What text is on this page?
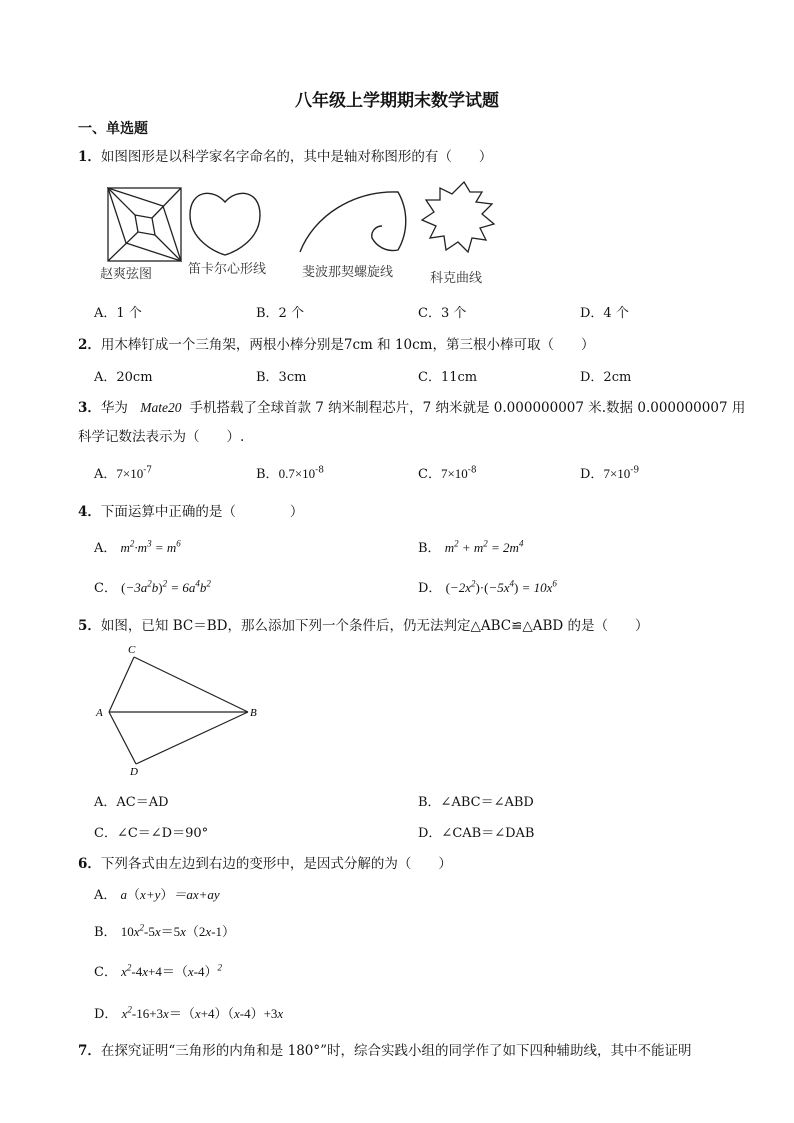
八年级上学期期末数学试题
一、单选题
1．如图图形是以科学家名字命名的，其中是轴对称图形的有（　　）
赵爽弦图	笛卡尔心形线	斐波那契螺旋线	科克曲线
A．1 个	B．2 个	C．3 个	D．4 个
2．用木棒钉成一个三角架，两根小棒分别是7cm 和 10cm，第三根小棒可取（　　）
A．20cm	B．3cm	C．11cm	D．2cm
3．华为 Mate20 手机搭载了全球首款 7 纳米制程芯片，7 纳米就是 0.000000007 米.数据 0.000000007 用
科学记数法表示为（　　）.
A．$7\times 10^{-7}$	B．$0.7\times 10^{-8}$	C．$7\times 10^{-8}$	D．$7\times 10^{-9}$
4．下面运算中正确的是（　　　　）
A． $m^2\cdot m^3 = m^6$	B． $m^2 + m^2 = 2m^4$
C． $(-3a^2b)^2 = 6a^4b^2$	D． $(-2x^2)\cdot(-5x^4) = 10x^6$
5．如图，已知 BC＝BD，那么添加下列一个条件后，仍无法判定△ABC≌△ABD 的是（　　）
C
A	B
D
A．AC＝AD	B．∠ABC＝∠ABD
C．∠C＝∠D＝90°	D．∠CAB＝∠DAB
6．下列各式由左边到右边的变形中，是因式分解的为（　　）
A． a（x+y）＝ax+ay
B． $10x^2-5x=5x(2x-1)$
C． $x^2-4x+4=(x-4)^2$
D． $x^2-16+3x=(x+4)(x-4)+3x$
7．在探究证明“三角形的内角和是 180°”时，综合实践小组的同学作了如下四种辅助线，其中不能证明
